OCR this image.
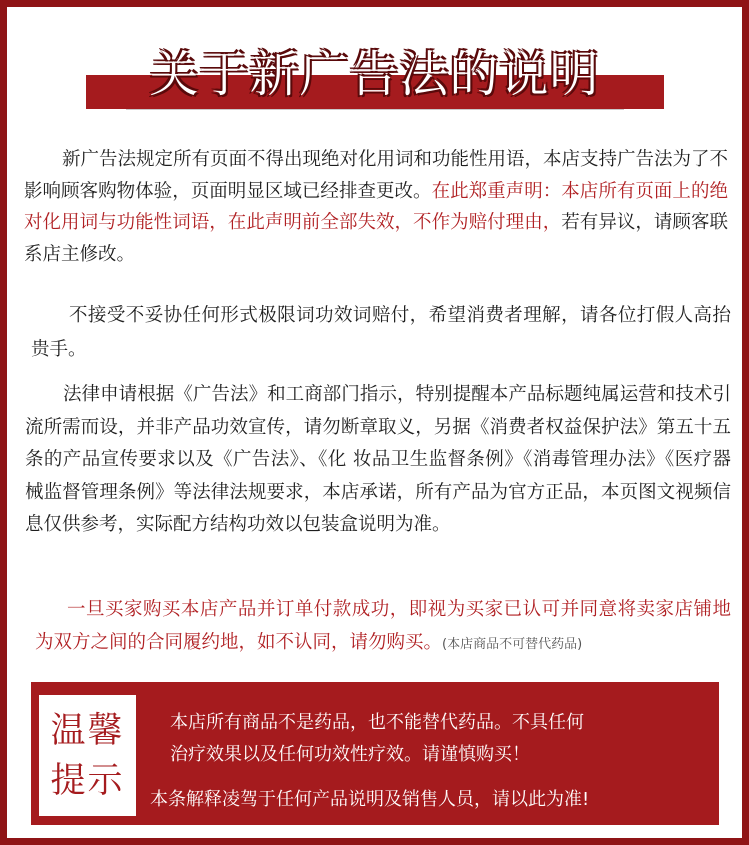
关于新广告法的说明

新广告法规定所有页面不得出现绝对化用词和功能性用语，本店支持广告法为了不影响顾客购物体验，页面明显区域已经排查更改。在此郑重声明：本店所有页面上的绝对化用词与功能性词语，在此声明前全部失效，不作为赔付理由，若有异议，请顾客联系店主修改。

不接受不妥协任何形式极限词功效词赔付，希望消费者理解，请各位打假人高抬贵手。

法律申请根据《广告法》和工商部门指示，特别提醒本产品标题纯属运营和技术引流所需而设，并非产品功效宣传，请勿断章取义，另据《消费者权益保护法》第五十五条的产品宣传要求以及《广告法》、《化 妆品卫生监督条例》《消毒管理办法》《医疗器械监督管理条例》等法律法规要求，本店承诺，所有产品为官方正品，本页图文视频信息仅供参考，实际配方结构功效以包装盒说明为准。

一旦买家购买本店产品并订单付款成功，即视为买家已认可并同意将卖家店铺地为双方之间的合同履约地，如不认同，请勿购买。(本店商品不可替代药品)

温馨
提示
本店所有商品不是药品，也不能替代药品。不具任何
治疗效果以及任何功效性疗效。请谨慎购买！
本条解释凌驾于任何产品说明及销售人员，请以此为准!
